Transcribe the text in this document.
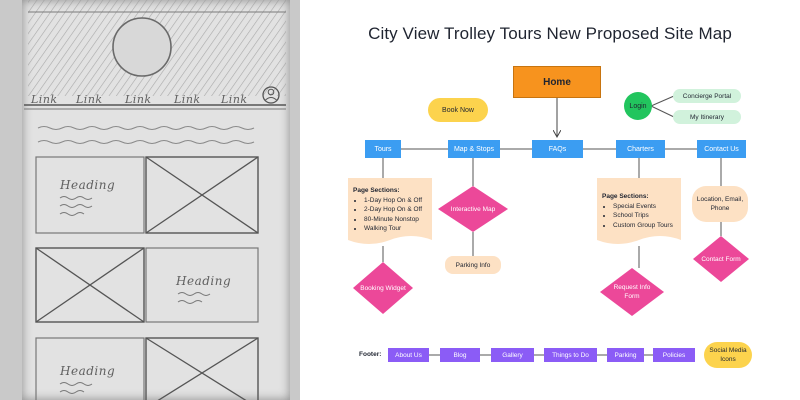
Link Link Link Link Link
Heading
Heading
Heading
City View Trolley Tours New Proposed Site Map
Home
Book Now
Login
Concierge Portal
My Itinerary
Tours	Map & Stops	FAQs	Charters	Contact Us
Page Sections:
• 1-Day Hop On & Off
• 2-Day Hop On & Off
• 80-Minute Nonstop
• Walking Tour
Page Sections:
• Special Events
• School Trips
• Custom Group Tours
Interactive Map
Booking Widget	Request Info Form
Contact Form
Parking Info
Location, Email, Phone
Footer:	About Us	Blog	Gallery	Things to Do	Parking	Policies
Social Media Icons
